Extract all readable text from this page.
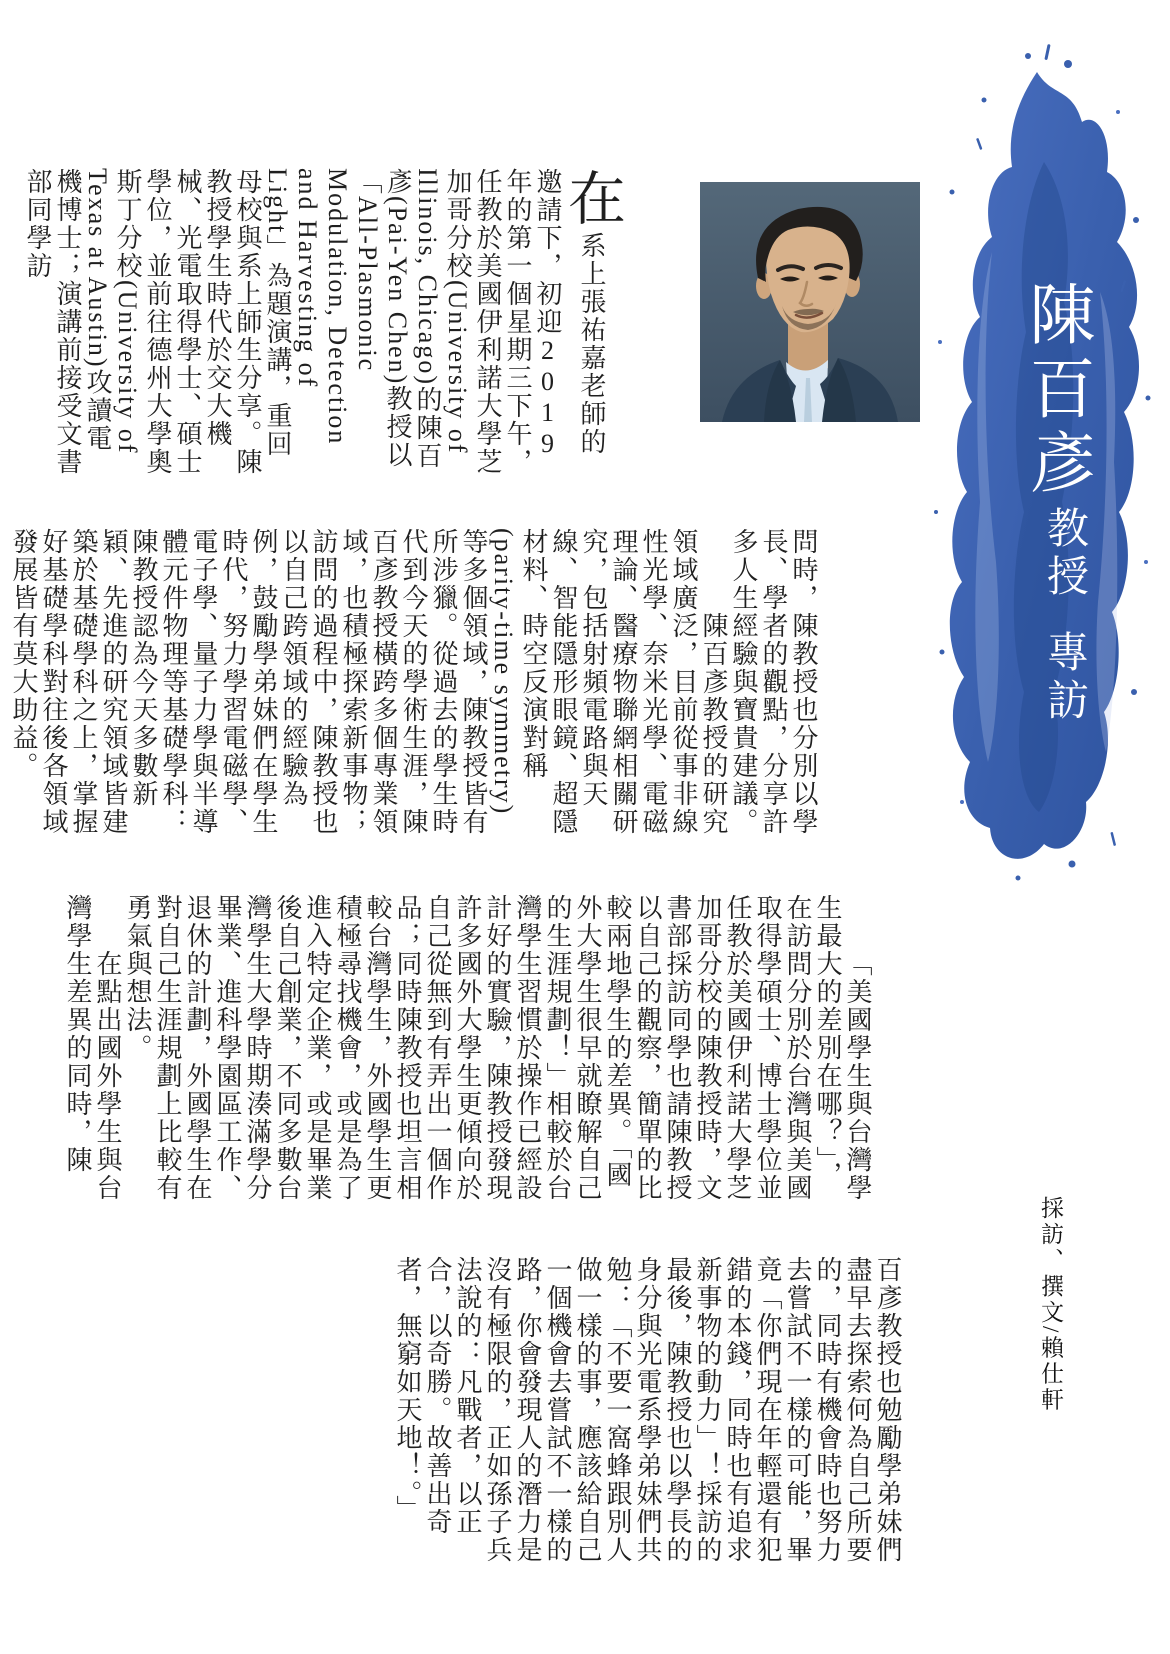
陳百彥
教授
專訪

在系上張祐嘉老師的邀請下，初迎2019年的第一個星期三下午，任教於美國伊利諾大學芝加哥分校(University of Illinois, Chicago)的陳百彥(Pai-Yen Chen)教授以「All-Plasmonic Modulation, Detection and Harvesting of Light」為題演講，重回母校與系上師生分享。陳教授學生時代於交大機械、光電取得學士、碩士學位，並前往德州大學奧斯丁分校(University of Texas at Austin)攻讀電機博士；演講前接受文書部同學訪

問時，陳教授也分別以學長、學者的觀點，分享許多人生經驗與寶貴建議。

陳百彥教授的研究領域廣泛，目前從事非線性光學、奈米光學、電磁理論、醫療物聯網相關研究，包括射頻電路與天線、智能隱形眼鏡、超隱材料、時空反演對稱(parity-time symmetry)等多個領域，陳教授皆有所涉獵。從過去的學生時代到今天的學術生涯，陳百彥教授橫跨多個專業領域，也積極探索新事物；訪問的過程中，陳教授也以自己跨領域的經驗為例，鼓勵學弟妹們在學生時代，努力學習電磁學、電子學、量子力學與半導體元件物理等基礎學科：陳教授認為今天多數新穎、先進的研究領域皆建築於基礎學科之上，掌握好基礎學科對往後各領域發展皆有莫大助益。

「美國學生與台灣學生最大的差別在哪？」，在訪問分別於台灣與美國取得學碩士、博士學位並任教於美國伊利諾大學芝加哥分校的陳教授時，文書部採訪同學也請陳教授以自己的觀察，簡單的比較兩地學生的差異。「國外大學生很早就瞭解自己的生涯規劃！」相較於台灣學生習慣於操作已經設計好的實驗，陳教授發現許多國外大學生更傾向於自己從無到有弄出一個作品；同時陳教授也坦言相較台灣學生，外國學生更積極尋找機會，或是為了進入特定企業，或是畢業後自己創業，不同多數台灣學生大學時期湊滿學分畢業、進科學園區工作、退休的計劃，外國學生在對自己生涯規劃上比較有勇氣與想法。

在點出國外學生與台灣學生差異的同時，陳

百彥教授也勉勵學弟妹們盡早去探索何為自己所要的，同時有機會時也努力去嘗試不一樣的可能，畢竟「你們現在年輕還有犯錯的本錢，同時也有追求新事物的動力」！採訪的最後，陳教授也以學長的身分與光電系學弟妹們共勉：「不要一窩蜂跟別人做一樣的事，應該給自己一個機會去嘗試不一樣的路，你會發現人的潛力是沒有極限的，正如孫子兵法說的：凡戰者，以正合，以奇勝。故善出奇者，無窮如天地！。」	採訪、撰文/賴仕軒
